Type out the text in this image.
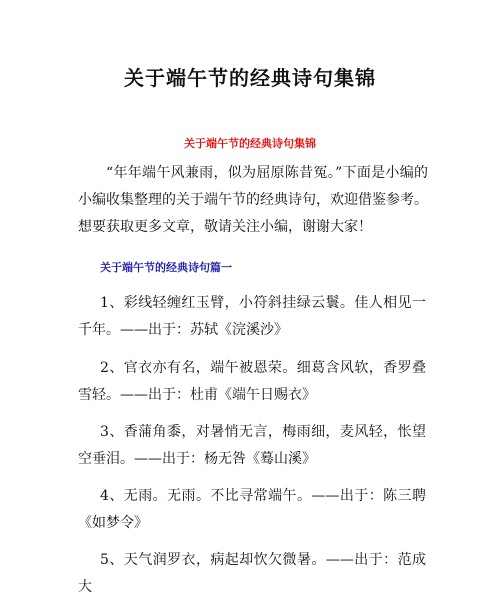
关于端午节的经典诗句集锦
关于端午节的经典诗句集锦
“年年端午风兼雨，似为屈原陈昔冤。”下面是小编的小编收集整理的关于端午节的经典诗句，欢迎借鉴参考。想要获取更多文章，敬请关注小编，谢谢大家！
关于端午节的经典诗句篇一
1、彩线轻缠红玉臂，小符斜挂绿云鬟。佳人相见一千年。——出于：苏轼《浣溪沙》
2、官衣亦有名，端午被恩荣。细葛含风软，香罗叠雪轻。——出于：杜甫《端午日赐衣》
3、香蒲角黍，对暑悄无言，梅雨细，麦风轻，怅望空垂泪。——出于：杨无咎《蓦山溪》
4、无雨。无雨。不比寻常端午。——出于：陈三聘《如梦令》
5、天气润罗衣，病起却忺欠微暑。——出于：范成大
